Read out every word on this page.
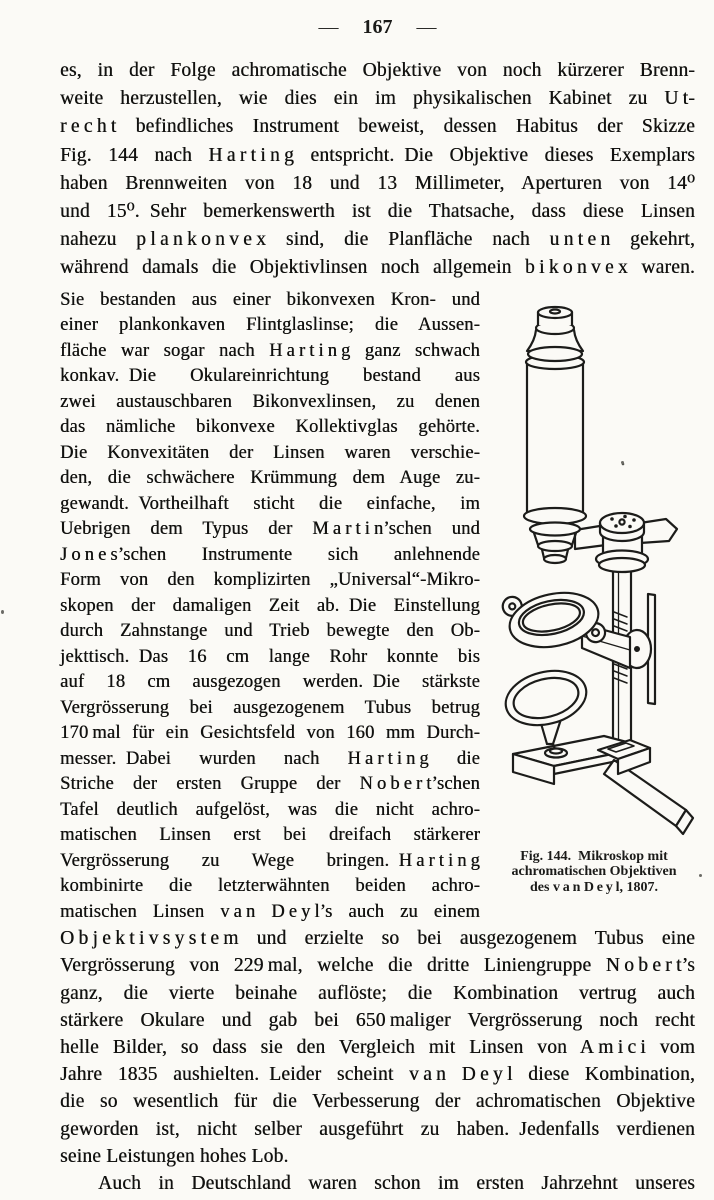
— 167 —
es, in der Folge achromatische Objektive von noch kürzerer Brenn-
weite herzustellen, wie dies ein im physikalischen Kabinet zu U t-
r e c h t befindliches Instrument beweist, dessen Habitus der Skizze
Fig. 144 nach H a r t i n g entspricht. Die Objektive dieses Exemplars
haben Brennweiten von 18 und 13 Millimeter, Aperturen von 14⁰
und 15⁰. Sehr bemerkenswerth ist die Thatsache, dass diese Linsen
nahezu p l a n k o n v e x sind, die Planfläche nach u n t e n gekehrt,
während damals die Objektivlinsen noch allgemein b i k o n v e x waren.
Sie bestanden aus einer bikonvexen Kron- und
einer plankonkaven Flintglaslinse; die Aussen-
fläche war sogar nach H a r t i n g ganz schwach
konkav. Die Okulareinrichtung bestand aus
zwei austauschbaren Bikonvexlinsen, zu denen
das nämliche bikonvexe Kollektivglas gehörte.
Die Konvexitäten der Linsen waren verschie-
den, die schwächere Krümmung dem Auge zu-
gewandt. Vortheilhaft sticht die einfache, im
Uebrigen dem Typus der M a r t i n’schen und
J o n e s’schen Instrumente sich anlehnende
Form von den komplizirten „Universal“-Mikro-
skopen der damaligen Zeit ab. Die Einstellung
durch Zahnstange und Trieb bewegte den Ob-
jekttisch. Das 16 cm lange Rohr konnte bis
auf 18 cm ausgezogen werden. Die stärkste
Vergrösserung bei ausgezogenem Tubus betrug
170 mal für ein Gesichtsfeld von 160 mm Durch-
messer. Dabei wurden nach H a r t i n g die
Striche der ersten Gruppe der N o b e r t’schen
Tafel deutlich aufgelöst, was die nicht achro-
matischen Linsen erst bei dreifach stärkerer
Vergrösserung zu Wege bringen. H a r t i n g
kombinirte die letzterwähnten beiden achro-
matischen Linsen v a n D e y l’s auch zu einem
Fig. 144. Mikroskop mit
achromatischen Objektiven
des v a n D e y l, 1807.
O b j e k t i v s y s t e m und erzielte so bei ausgezogenem Tubus eine
Vergrösserung von 229 mal, welche die dritte Liniengruppe N o b e r t’s
ganz, die vierte beinahe auflöste; die Kombination vertrug auch
stärkere Okulare und gab bei 650 maliger Vergrösserung noch recht
helle Bilder, so dass sie den Vergleich mit Linsen von A m i c i vom
Jahre 1835 aushielten. Leider scheint v a n D e y l diese Kombination,
die so wesentlich für die Verbesserung der achromatischen Objektive
geworden ist, nicht selber ausgeführt zu haben. Jedenfalls verdienen
seine Leistungen hohes Lob.
Auch in Deutschland waren schon im ersten Jahrzehnt unseres
